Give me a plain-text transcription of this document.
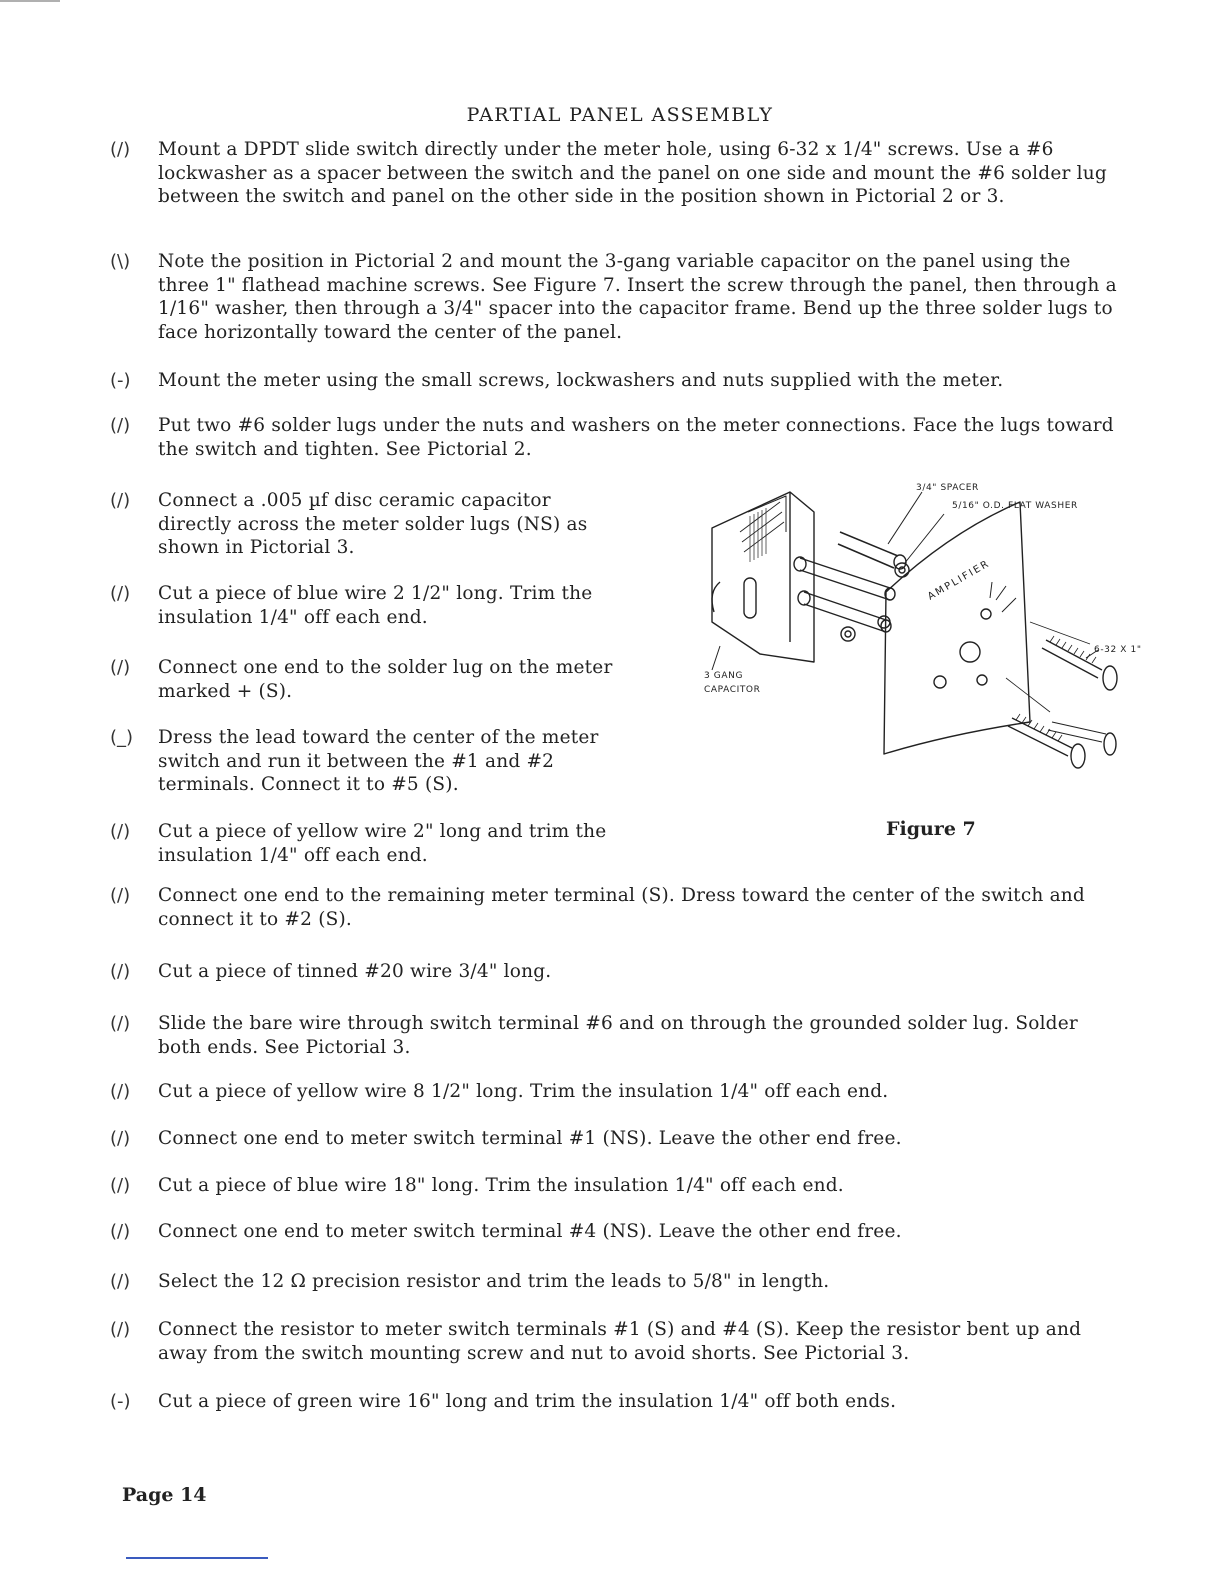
PARTIAL PANEL ASSEMBLY
(/)	Mount a DPDT slide switch directly under the meter hole, using 6-32 x 1/4" screws. Use a #6 lockwasher as a spacer between the switch and the panel on one side and mount the #6 solder lug between the switch and panel on the other side in the position shown in Pictorial 2 or 3.
(\)	Note the position in Pictorial 2 and mount the 3-gang variable capacitor on the panel using the three 1" flathead machine screws. See Figure 7. Insert the screw through the panel, then through a 1/16" washer, then through a 3/4" spacer into the capacitor frame. Bend up the three solder lugs to face horizontally toward the center of the panel.
(-)	Mount the meter using the small screws, lockwashers and nuts supplied with the meter.
(/)	Put two #6 solder lugs under the nuts and washers on the meter connections. Face the lugs toward the switch and tighten. See Pictorial 2.
(/)	Connect a .005 µf disc ceramic capacitor directly across the meter solder lugs (NS) as shown in Pictorial 3.
(/)	Cut a piece of blue wire 2 1/2" long. Trim the insulation 1/4" off each end.
(/)	Connect one end to the solder lug on the meter marked + (S).
(_)	Dress the lead toward the center of the meter switch and run it between the #1 and #2 terminals. Connect it to #5 (S).
(/)	Cut a piece of yellow wire 2" long and trim the insulation 1/4" off each end.
3/4" SPACER
5/16" O.D. FLAT WASHER
6-32 X 1"
3 GANG
CAPACITOR
AMPLIFIER
Figure 7
(/)	Connect one end to the remaining meter terminal (S). Dress toward the center of the switch and connect it to #2 (S).
(/)	Cut a piece of tinned #20 wire 3/4" long.
(/)	Slide the bare wire through switch terminal #6 and on through the grounded solder lug. Solder both ends. See Pictorial 3.
(/)	Cut a piece of yellow wire 8 1/2" long. Trim the insulation 1/4" off each end.
(/)	Connect one end to meter switch terminal #1 (NS). Leave the other end free.
(/)	Cut a piece of blue wire 18" long. Trim the insulation 1/4" off each end.
(/)	Connect one end to meter switch terminal #4 (NS). Leave the other end free.
(/)	Select the 12 Ω precision resistor and trim the leads to 5/8" in length.
(/)	Connect the resistor to meter switch terminals #1 (S) and #4 (S). Keep the resistor bent up and away from the switch mounting screw and nut to avoid shorts. See Pictorial 3.
(-)	Cut a piece of green wire 16" long and trim the insulation 1/4" off both ends.
Page 14
